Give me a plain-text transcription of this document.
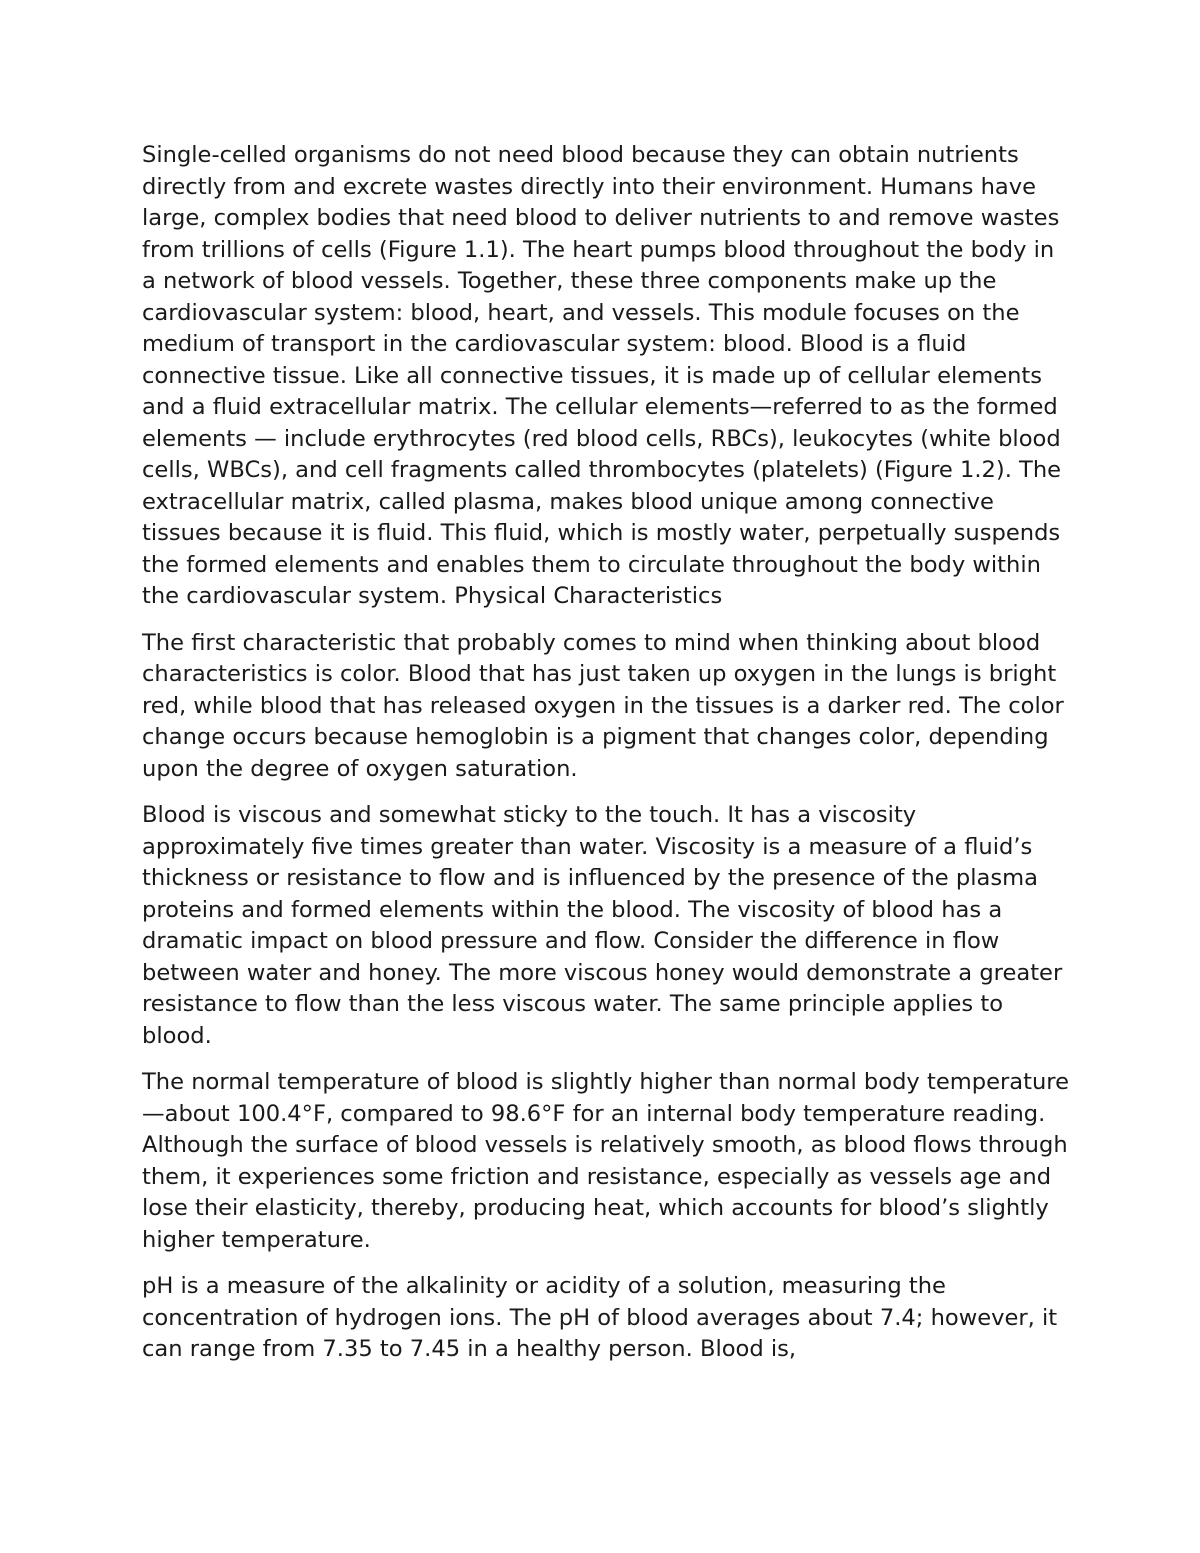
Single-celled organisms do not need blood because they can obtain nutrients directly from and excrete wastes directly into their environment. Humans have large, complex bodies that need blood to deliver nutrients to and remove wastes from trillions of cells (Figure 1.1). The heart pumps blood throughout the body in a network of blood vessels. Together, these three components make up the cardiovascular system: blood, heart, and vessels. This module focuses on the medium of transport in the cardiovascular system: blood. Blood is a fluid connective tissue. Like all connective tissues, it is made up of cellular elements and a fluid extracellular matrix. The cellular elements—referred to as the formed elements — include erythrocytes (red blood cells, RBCs), leukocytes (white blood cells, WBCs), and cell fragments called thrombocytes (platelets) (Figure 1.2). The extracellular matrix, called plasma, makes blood unique among connective tissues because it is fluid. This fluid, which is mostly water, perpetually suspends the formed elements and enables them to circulate throughout the body within the cardiovascular system. Physical Characteristics

The first characteristic that probably comes to mind when thinking about blood characteristics is color. Blood that has just taken up oxygen in the lungs is bright red, while blood that has released oxygen in the tissues is a darker red. The color change occurs because hemoglobin is a pigment that changes color, depending upon the degree of oxygen saturation.

Blood is viscous and somewhat sticky to the touch. It has a viscosity approximately five times greater than water. Viscosity is a measure of a fluid’s thickness or resistance to flow and is influenced by the presence of the plasma proteins and formed elements within the blood. The viscosity of blood has a dramatic impact on blood pressure and flow. Consider the difference in flow between water and honey. The more viscous honey would demonstrate a greater resistance to flow than the less viscous water. The same principle applies to blood.

The normal temperature of blood is slightly higher than normal body temperature—about 100.4°F, compared to 98.6°F for an internal body temperature reading. Although the surface of blood vessels is relatively smooth, as blood flows through them, it experiences some friction and resistance, especially as vessels age and lose their elasticity, thereby, producing heat, which accounts for blood’s slightly higher temperature.

pH is a measure of the alkalinity or acidity of a solution, measuring the concentration of hydrogen ions. The pH of blood averages about 7.4; however, it can range from 7.35 to 7.45 in a healthy person. Blood is,
